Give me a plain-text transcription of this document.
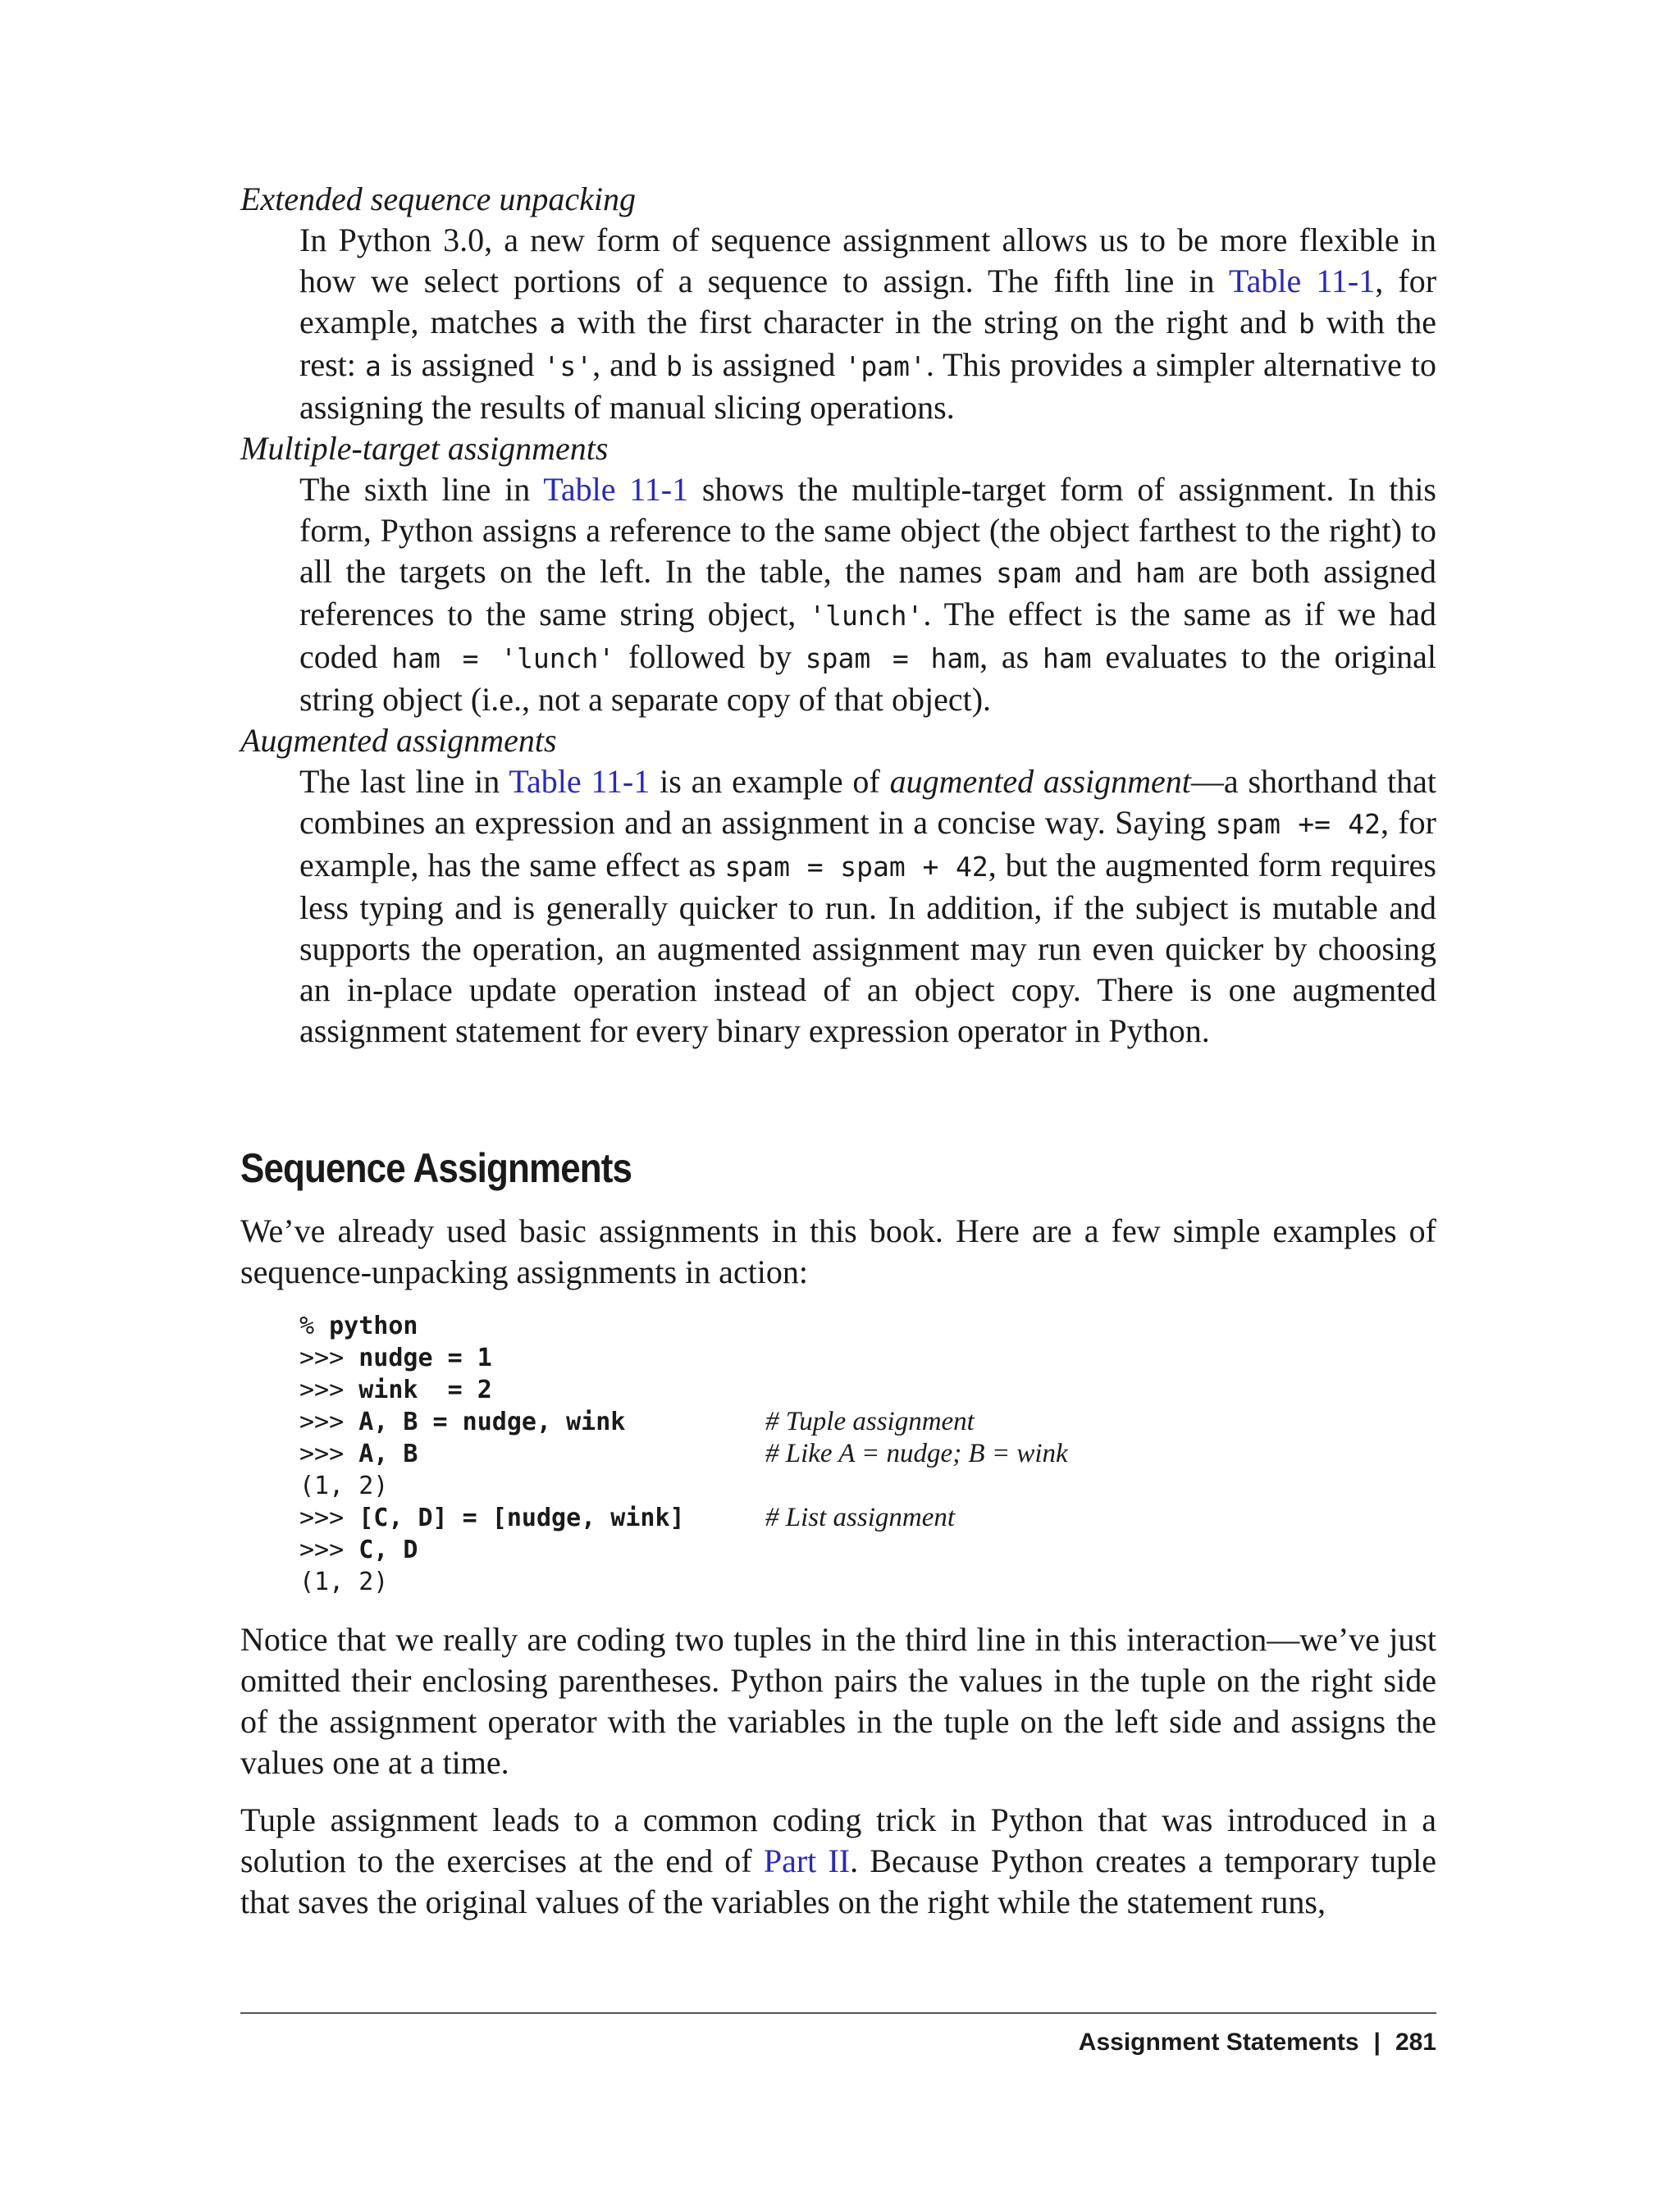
Extended sequence unpacking

In Python 3.0, a new form of sequence assignment allows us to be more flexible in how we select portions of a sequence to assign. The fifth line in Table 11-1, for example, matches a with the first character in the string on the right and b with the rest: a is assigned 's', and b is assigned 'pam'. This provides a simpler alternative to assigning the results of manual slicing operations.

Multiple-target assignments

The sixth line in Table 11-1 shows the multiple-target form of assignment. In this form, Python assigns a reference to the same object (the object farthest to the right) to all the targets on the left. In the table, the names spam and ham are both assigned references to the same string object, 'lunch'. The effect is the same as if we had coded ham = 'lunch' followed by spam = ham, as ham evaluates to the original string object (i.e., not a separate copy of that object).

Augmented assignments

The last line in Table 11-1 is an example of augmented assignment—a shorthand that combines an expression and an assignment in a concise way. Saying spam += 42, for example, has the same effect as spam = spam + 42, but the augmented form requires less typing and is generally quicker to run. In addition, if the subject is mutable and supports the operation, an augmented assignment may run even quicker by choosing an in-place update operation instead of an object copy. There is one augmented assignment statement for every binary expression operator in Python.

Sequence Assignments

We’ve already used basic assignments in this book. Here are a few simple examples of sequence-unpacking assignments in action:

% python
>>> nudge = 1
>>> wink  = 2
>>> A, B = nudge, wink	# Tuple assignment
>>> A, B	# Like A = nudge; B = wink
(1, 2)
>>> [C, D] = [nudge, wink]	# List assignment
>>> C, D
(1, 2)

Notice that we really are coding two tuples in the third line in this interaction—we’ve just omitted their enclosing parentheses. Python pairs the values in the tuple on the right side of the assignment operator with the variables in the tuple on the left side and assigns the values one at a time.

Tuple assignment leads to a common coding trick in Python that was introduced in a solution to the exercises at the end of Part II. Because Python creates a temporary tuple that saves the original values of the variables on the right while the statement runs,

Assignment Statements | 281
